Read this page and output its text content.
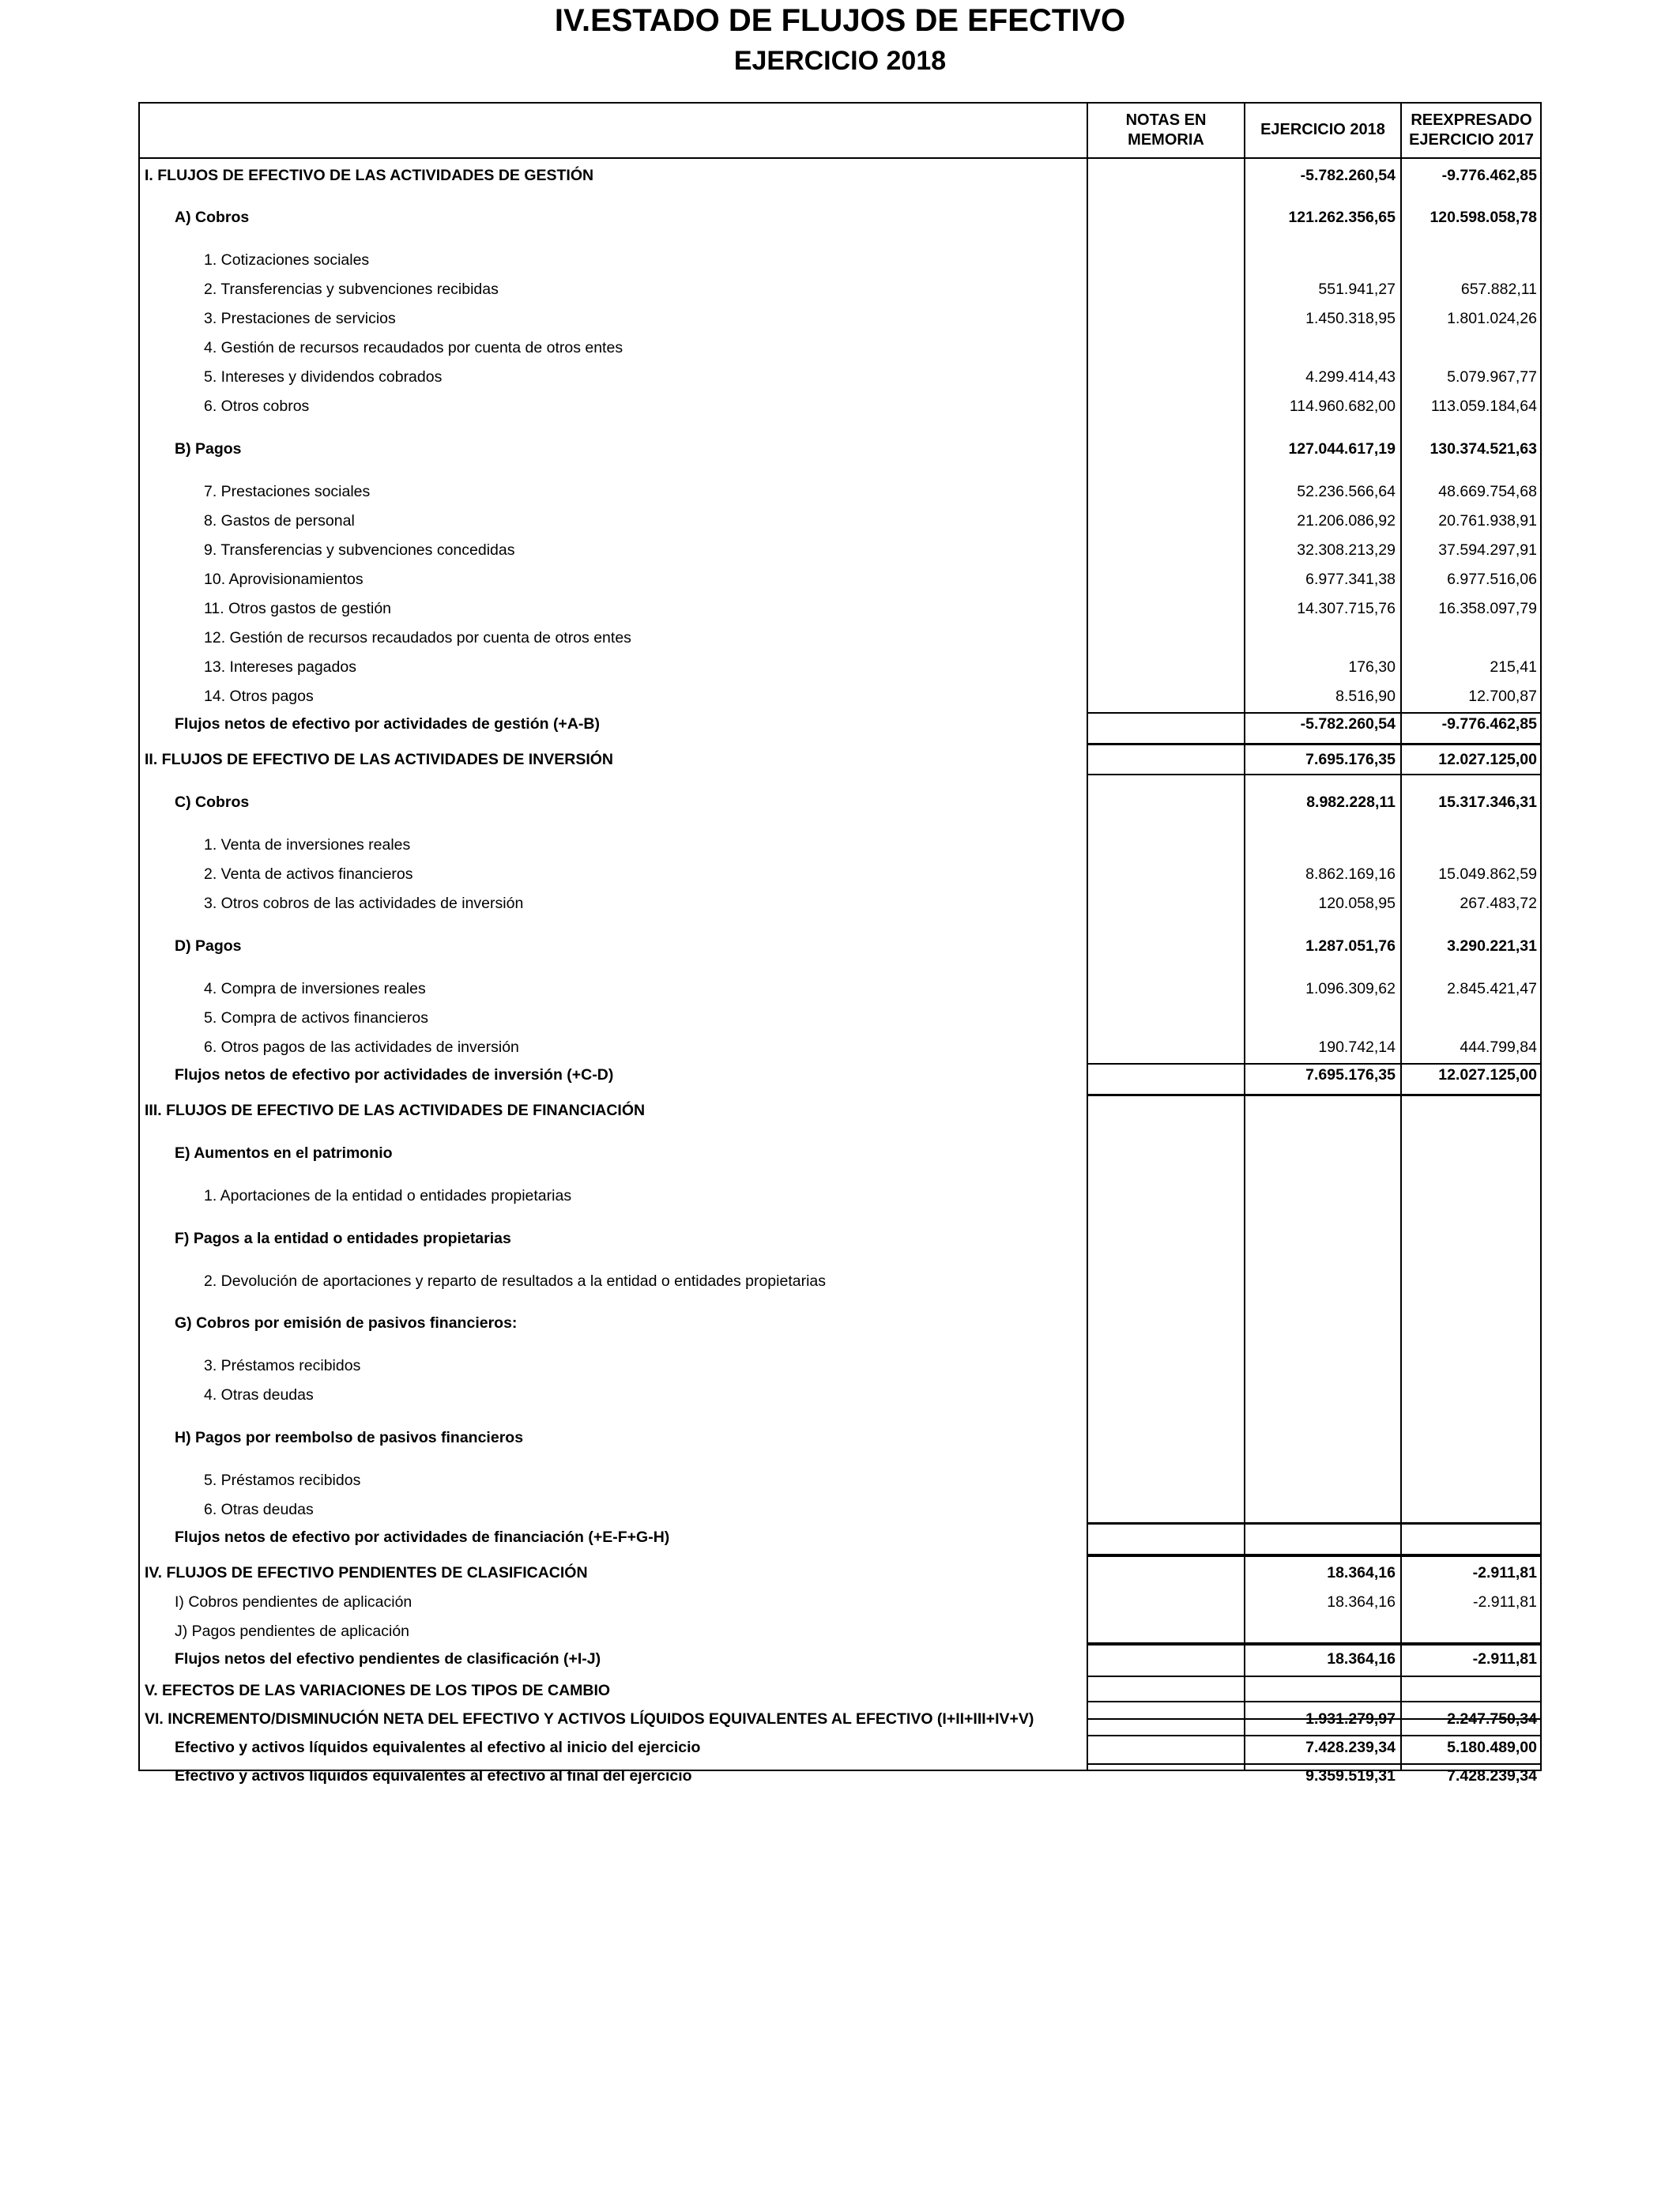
IV.ESTADO DE FLUJOS DE EFECTIVO
EJERCICIO 2018
NOTAS EN MEMORIA
EJERCICIO 2018
REEXPRESADO EJERCICIO 2017
I. FLUJOS DE EFECTIVO DE LAS ACTIVIDADES DE GESTIÓN	-5.782.260,54	-9.776.462,85
A) Cobros	121.262.356,65	120.598.058,78
1. Cotizaciones sociales
2. Transferencias y subvenciones recibidas	551.941,27	657.882,11
3. Prestaciones de servicios	1.450.318,95	1.801.024,26
4. Gestión de recursos recaudados por cuenta de otros entes
5. Intereses y dividendos cobrados	4.299.414,43	5.079.967,77
6. Otros cobros	114.960.682,00	113.059.184,64
B) Pagos	127.044.617,19	130.374.521,63
7. Prestaciones sociales	52.236.566,64	48.669.754,68
8. Gastos de personal	21.206.086,92	20.761.938,91
9. Transferencias y subvenciones concedidas	32.308.213,29	37.594.297,91
10. Aprovisionamientos	6.977.341,38	6.977.516,06
11. Otros gastos de gestión	14.307.715,76	16.358.097,79
12. Gestión de recursos recaudados por cuenta de otros entes
13. Intereses pagados	176,30	215,41
14. Otros pagos	8.516,90	12.700,87
Flujos netos de efectivo por actividades de gestión (+A-B)	-5.782.260,54	-9.776.462,85
II. FLUJOS DE EFECTIVO DE LAS ACTIVIDADES DE INVERSIÓN	7.695.176,35	12.027.125,00
C) Cobros	8.982.228,11	15.317.346,31
1. Venta de inversiones reales
2. Venta de activos financieros	8.862.169,16	15.049.862,59
3. Otros cobros de las actividades de inversión	120.058,95	267.483,72
D) Pagos	1.287.051,76	3.290.221,31
4. Compra de inversiones reales	1.096.309,62	2.845.421,47
5. Compra de activos financieros
6. Otros pagos de las actividades de inversión	190.742,14	444.799,84
Flujos netos de efectivo por actividades de inversión (+C-D)	7.695.176,35	12.027.125,00
III. FLUJOS DE EFECTIVO DE LAS ACTIVIDADES DE FINANCIACIÓN
E) Aumentos en el patrimonio
1. Aportaciones de la entidad o entidades propietarias
F) Pagos a la entidad o entidades propietarias
2. Devolución de aportaciones y reparto de resultados a la entidad o entidades propietarias
G) Cobros por emisión de pasivos financieros:
3. Préstamos recibidos
4. Otras deudas
H) Pagos por reembolso de pasivos financieros
5. Préstamos recibidos
6. Otras deudas
Flujos netos de efectivo por actividades de financiación (+E-F+G-H)
IV. FLUJOS DE EFECTIVO PENDIENTES DE CLASIFICACIÓN	18.364,16	-2.911,81
I) Cobros pendientes de aplicación	18.364,16	-2.911,81
J) Pagos pendientes de aplicación
Flujos netos del efectivo pendientes de clasificación (+I-J)	18.364,16	-2.911,81
V. EFECTOS DE LAS VARIACIONES DE LOS TIPOS DE CAMBIO
VI. INCREMENTO/DISMINUCIÓN NETA DEL EFECTIVO Y ACTIVOS LÍQUIDOS EQUIVALENTES AL EFECTIVO (I+II+III+IV+V)	1.931.279,97	2.247.750,34
Efectivo y activos líquidos equivalentes al efectivo al inicio del ejercicio	7.428.239,34	5.180.489,00
Efectivo y activos líquidos equivalentes al efectivo al final del ejercicio	9.359.519,31	7.428.239,34
